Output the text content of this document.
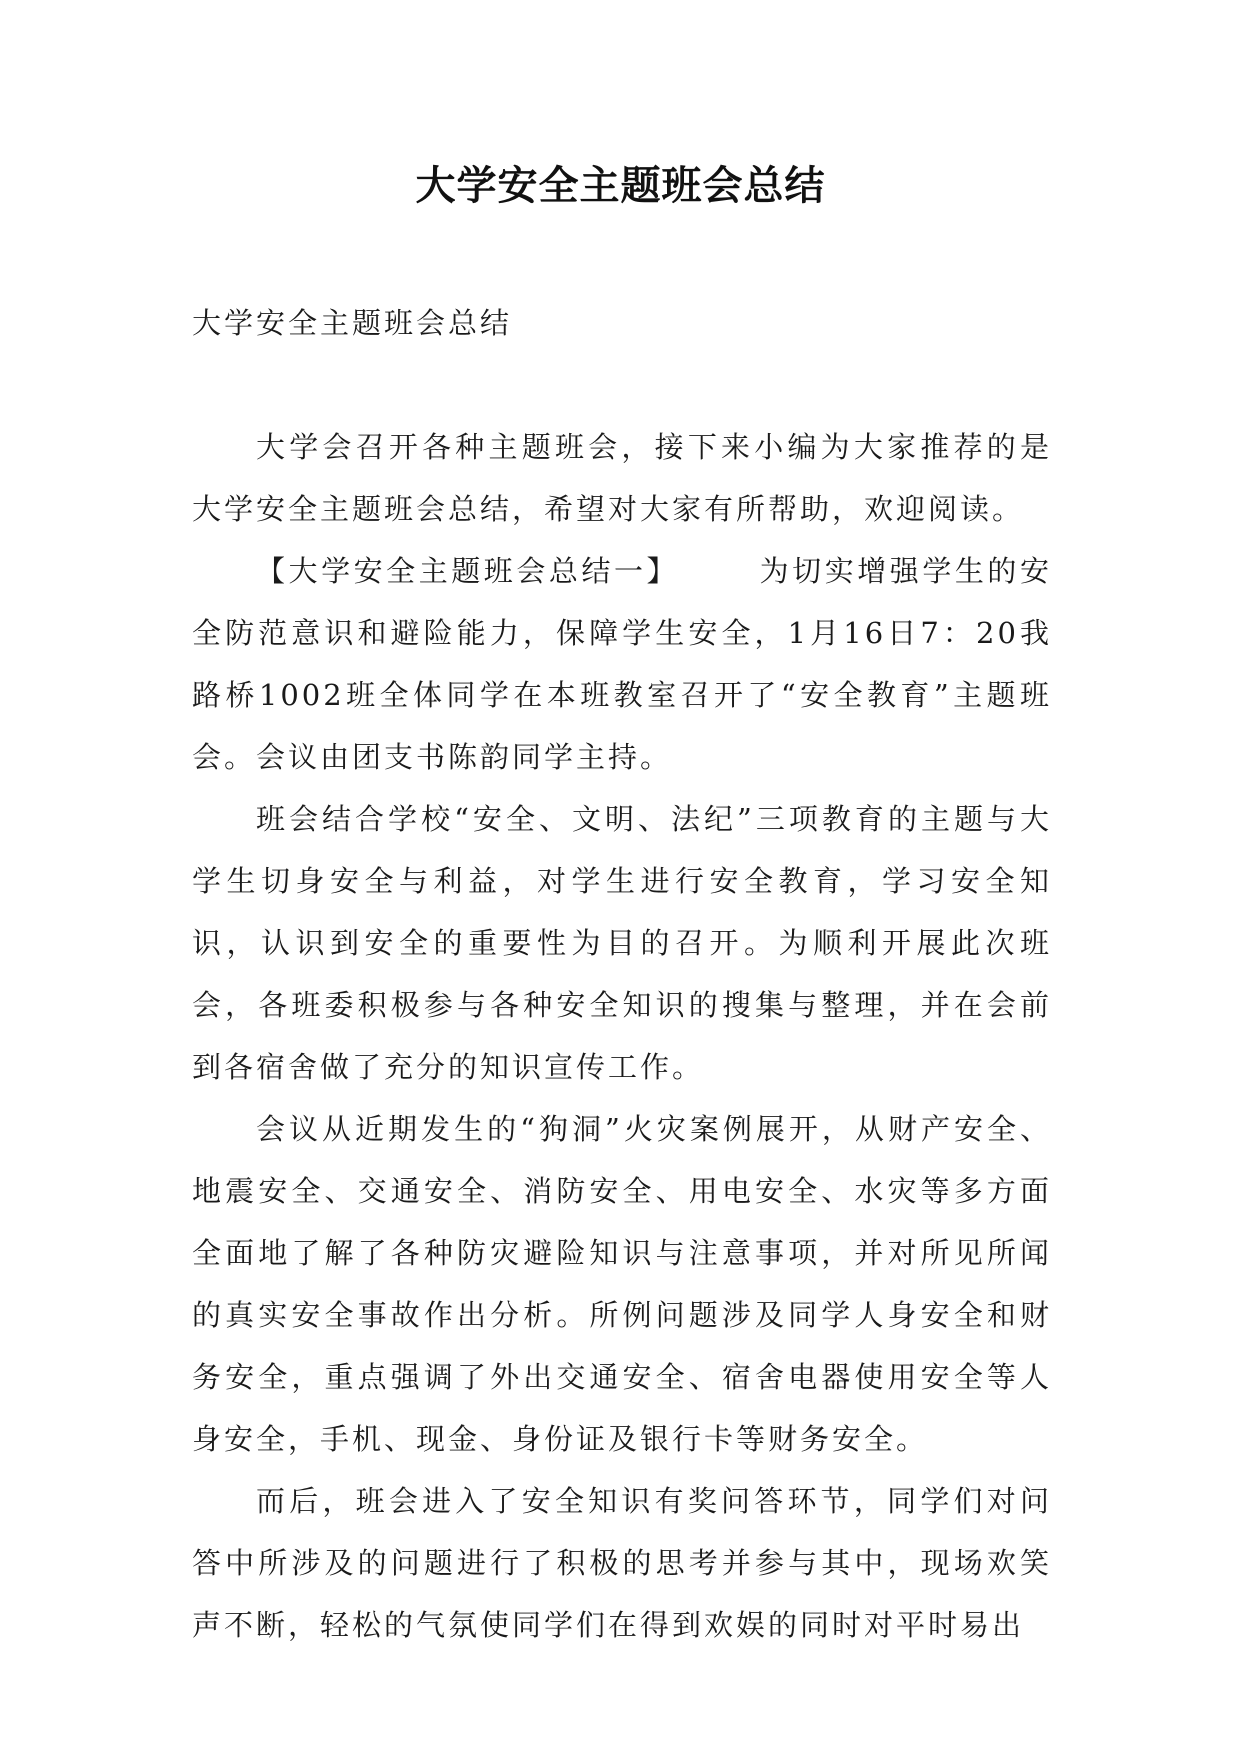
大学安全主题班会总结

大学安全主题班会总结

大学会召开各种主题班会，接下来小编为大家推荐的是大学安全主题班会总结，希望对大家有所帮助，欢迎阅读。

【大学安全主题班会总结一】	为切实增强学生的安全防范意识和避险能力，保障学生安全，1月16日7：20我路桥1002班全体同学在本班教室召开了“安全教育”主题班会。会议由团支书陈韵同学主持。

班会结合学校“安全、文明、法纪”三项教育的主题与大学生切身安全与利益，对学生进行安全教育，学习安全知识，认识到安全的重要性为目的召开。为顺利开展此次班会，各班委积极参与各种安全知识的搜集与整理，并在会前到各宿舍做了充分的知识宣传工作。

会议从近期发生的“狗洞”火灾案例展开，从财产安全、地震安全、交通安全、消防安全、用电安全、水灾等多方面全面地了解了各种防灾避险知识与注意事项，并对所见所闻的真实安全事故作出分析。所例问题涉及同学人身安全和财务安全，重点强调了外出交通安全、宿舍电器使用安全等人身安全，手机、现金、身份证及银行卡等财务安全。

而后，班会进入了安全知识有奖问答环节，同学们对问答中所涉及的问题进行了积极的思考并参与其中，现场欢笑声不断，轻松的气氛使同学们在得到欢娱的同时对平时易出
